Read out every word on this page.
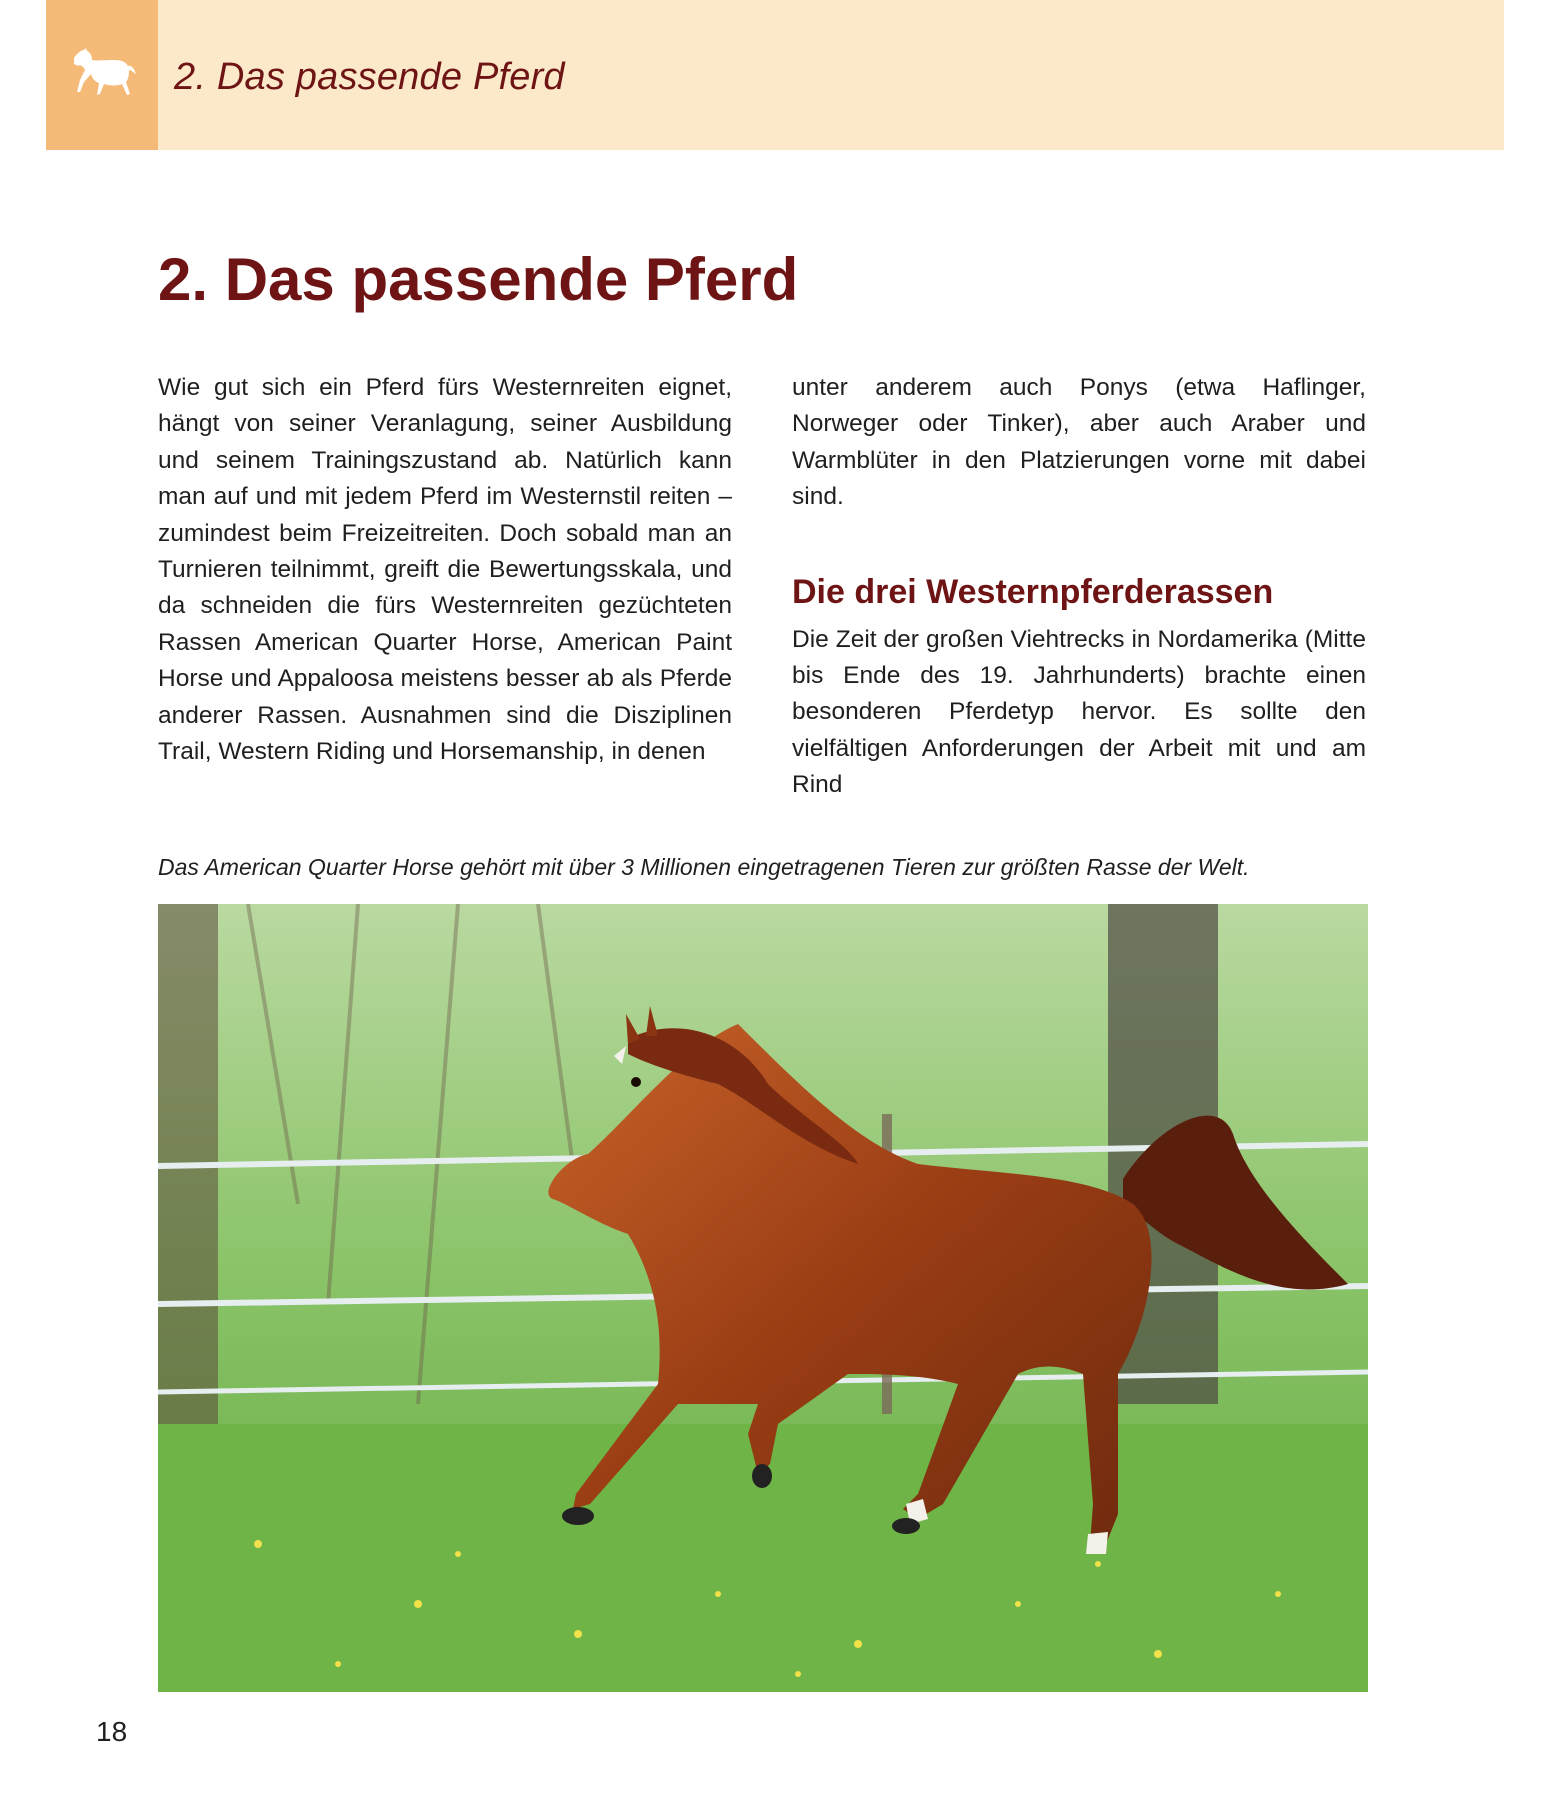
2. Das passende Pferd
2. Das passende Pferd

Wie gut sich ein Pferd fürs Westernreiten eignet, hängt von seiner Veranlagung, seiner Ausbildung und seinem Trainingszustand ab. Natürlich kann man auf und mit jedem Pferd im Westernstil reiten – zumindest beim Freizeitreiten. Doch sobald man an Turnieren teilnimmt, greift die Bewertungsskala, und da schneiden die fürs Westernreiten gezüchteten Rassen American Quarter Horse, American Paint Horse und Appaloosa meistens besser ab als Pferde anderer Rassen. Ausnahmen sind die Disziplinen Trail, Western Riding und Horsemanship, in denen

unter anderem auch Ponys (etwa Haflinger, Norweger oder Tinker), aber auch Araber und Warmblüter in den Platzierungen vorne mit dabei sind.

Die drei Westernpferderassen

Die Zeit der großen Viehtrecks in Nordamerika (Mitte bis Ende des 19. Jahrhunderts) brachte einen besonderen Pferdetyp hervor. Es sollte den vielfältigen Anforderungen der Arbeit mit und am Rind

Das American Quarter Horse gehört mit über 3 Millionen eingetragenen Tieren zur größten Rasse der Welt.
18
